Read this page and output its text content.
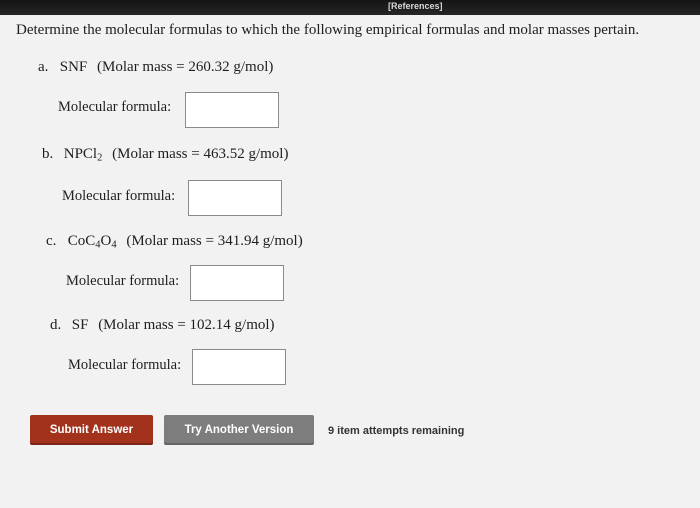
[References]
Determine the molecular formulas to which the following empirical formulas and molar masses pertain.
a. SNF (Molar mass = 260.32 g/mol)
Molecular formula:
b. NPCl$_2$ (Molar mass = 463.52 g/mol)
Molecular formula:
c. $CoC_4O_4$ (Molar mass = 341.94 g/mol)
Molecular formula:
d. SF (Molar mass = 102.14 g/mol)
Molecular formula:
Submit Answer	Try Another Version	9 item attempts remaining
